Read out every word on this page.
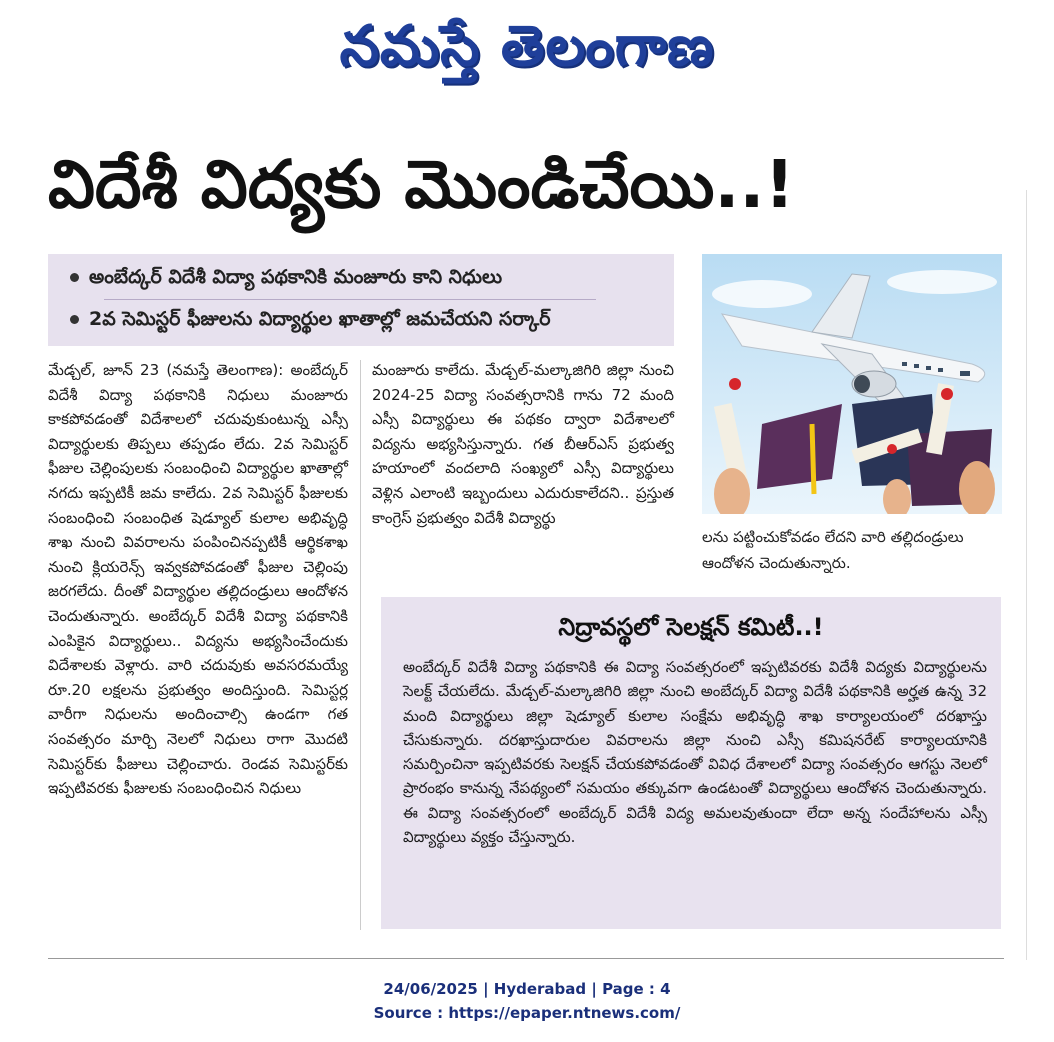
నమస్తే తెలంగాణ
విదేశీ విద్యకు మొండిచేయి..!
అంబేద్కర్ విదేశీ విద్యా పథకానికి మంజూరు కాని నిధులు
2వ సెమిస్టర్ ఫీజులను విద్యార్థుల ఖాతాల్లో జమచేయని సర్కార్
లను పట్టించుకోవడం లేదని వారి తల్లిదండ్రులు ఆందోళన చెందుతున్నారు.
మేడ్చల్, జూన్ 23 (నమస్తే తెలంగాణ): అంబేద్కర్ విదేశీ విద్యా పథకానికి నిధులు మంజూరు కాకపోవడంతో విదేశాలలో చదువుకుంటున్న ఎస్సీ విద్యార్థులకు తిప్పలు తప్పడం లేదు. 2వ సెమిస్టర్ ఫీజుల చెల్లింపులకు సంబంధించి విద్యార్థుల ఖాతాల్లో నగదు ఇప్పటికీ జమ కాలేదు. 2వ సెమిస్టర్ ఫీజులకు సంబంధించి సంబంధిత షెడ్యూల్ కులాల అభివృద్ధి శాఖ నుంచి వివరాలను పంపించినప్పటికీ ఆర్థికశాఖ నుంచి క్లియరెన్స్ ఇవ్వకపోవడంతో ఫీజుల చెల్లింపు జరగలేదు. దీంతో విద్యార్థుల తల్లిదండ్రులు ఆందోళన చెందుతున్నారు. అంబేద్కర్ విదేశీ విద్యా పథకానికి ఎంపికైన విద్యార్థులు.. విద్యను అభ్యసించేందుకు విదేశాలకు వెళ్లారు. వారి చదువుకు అవసరమయ్యే రూ.20 లక్షలను ప్రభుత్వం అందిస్తుంది. సెమిస్టర్ల వారీగా నిధులను అందించాల్సి ఉండగా గత సంవత్సరం మార్చి నెలలో నిధులు రాగా మొదటి సెమిస్టర్‌కు ఫీజులు చెల్లించారు. రెండవ సెమిస్టర్‌కు ఇప్పటివరకు ఫీజులకు సంబంధించిన నిధులు
మంజూరు కాలేదు. మేడ్చల్-మల్కాజిగిరి జిల్లా నుంచి 2024-25 విద్యా సంవత్సరానికి గాను 72 మంది ఎస్సీ విద్యార్థులు ఈ పథకం ద్వారా విదేశాలలో విద్యను అభ్యసిస్తున్నారు. గత బీఆర్ఎస్ ప్రభుత్వ హయాంలో వందలాది సంఖ్యలో ఎస్సీ విద్యార్థులు వెళ్లిన ఎలాంటి ఇబ్బందులు ఎదురుకాలేదని.. ప్రస్తుత కాంగ్రెస్ ప్రభుత్వం విదేశీ విద్యార్థు
నిద్రావస్థలో సెలక్షన్ కమిటీ..!
అంబేద్కర్ విదేశీ విద్యా పథకానికి ఈ విద్యా సంవత్సరంలో ఇప్పటివరకు విదేశీ విద్యకు విద్యార్థులను సెలక్ట్ చేయలేదు. మేడ్చల్-మల్కాజిగిరి జిల్లా నుంచి అంబేద్కర్ విద్యా విదేశీ పథకానికి అర్హత ఉన్న 32 మంది విద్యార్థులు జిల్లా షెడ్యూల్ కులాల సంక్షేమ అభివృద్ధి శాఖ కార్యాలయంలో దరఖాస్తు చేసుకున్నారు. దరఖాస్తుదారుల వివరాలను జిల్లా నుంచి ఎస్సీ కమిషనరేట్ కార్యాలయానికి సమర్పించినా ఇప్పటివరకు సెలక్షన్ చేయకపోవడంతో వివిధ దేశాలలో విద్యా సంవత్సరం ఆగస్టు నెలలో ప్రారంభం కానున్న నేపథ్యంలో సమయం తక్కువగా ఉండటంతో విద్యార్థులు ఆందోళన చెందుతున్నారు. ఈ విద్యా సంవత్సరంలో అంబేద్కర్ విదేశీ విద్య అమలవుతుందా లేదా అన్న సందేహాలను ఎస్సీ విద్యార్థులు వ్యక్తం చేస్తున్నారు.
24/06/2025 | Hyderabad | Page : 4
Source : https://epaper.ntnews.com/
